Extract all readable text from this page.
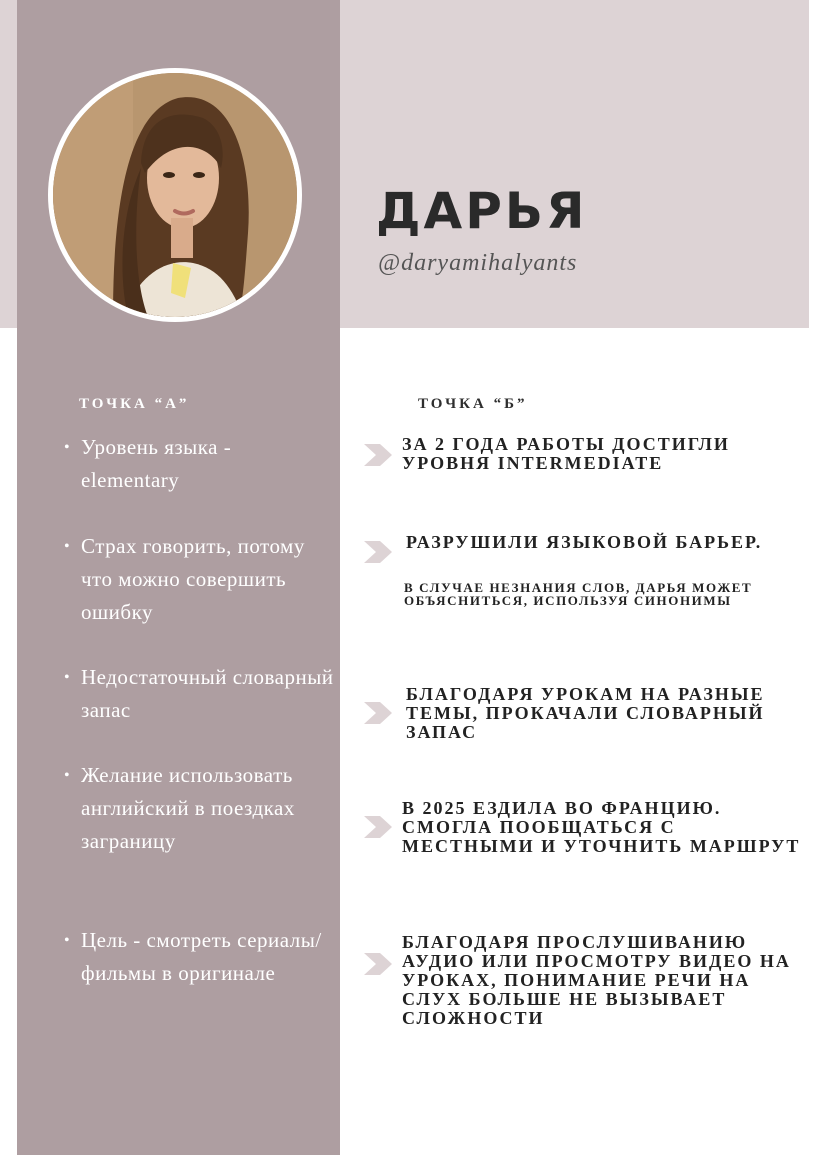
ДАРЬЯ
@daryamihalyants
ТОЧКА “А”	ТОЧКА “Б”
• Уровень языка - elementary
• Страх говорить, потому что можно совершить ошибку
• Недостаточный словарный запас
• Желание использовать английский в поездках заграницу
• Цель - смотреть сериалы/фильмы в оригинале
ЗА 2 ГОДА РАБОТЫ ДОСТИГЛИ УРОВНЯ INTERMEDIATE
РАЗРУШИЛИ ЯЗЫКОВОЙ БАРЬЕР.
В СЛУЧАЕ НЕЗНАНИЯ СЛОВ, ДАРЬЯ МОЖЕТ ОБЪЯСНИТЬСЯ, ИСПОЛЬЗУЯ СИНОНИМЫ
БЛАГОДАРЯ УРОКАМ НА РАЗНЫЕ ТЕМЫ, ПРОКАЧАЛИ СЛОВАРНЫЙ ЗАПАС
В 2025 ЕЗДИЛА ВО ФРАНЦИЮ. СМОГЛА ПООБЩАТЬСЯ С МЕСТНЫМИ И УТОЧНИТЬ МАРШРУТ
БЛАГОДАРЯ ПРОСЛУШИВАНИЮ АУДИО ИЛИ ПРОСМОТРУ ВИДЕО НА УРОКАХ, ПОНИМАНИЕ РЕЧИ НА СЛУХ БОЛЬШЕ НЕ ВЫЗЫВАЕТ СЛОЖНОСТИ
